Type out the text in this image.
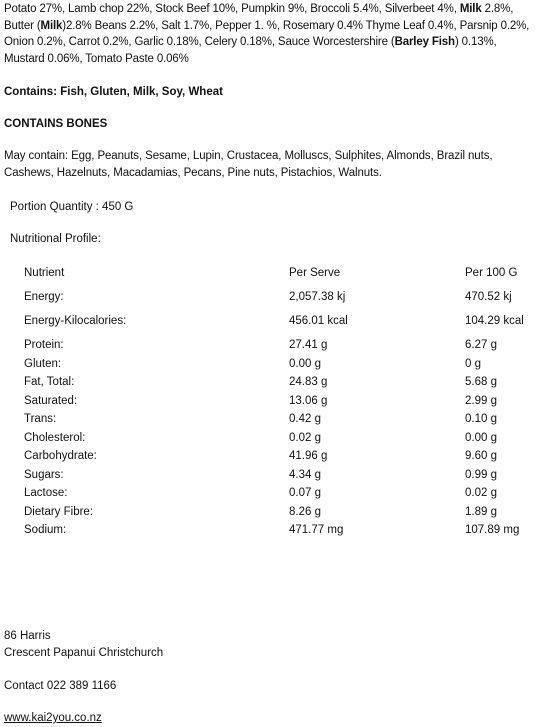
Potato 27%, Lamb chop 22%, Stock Beef 10%, Pumpkin 9%, Broccoli 5.4%, Silverbeet 4%, Milk 2.8%, Butter (Milk)2.8% Beans 2.2%, Salt 1.7%, Pepper 1. %, Rosemary 0.4% Thyme Leaf 0.4%, Parsnip 0.2%, Onion 0.2%, Carrot 0.2%, Garlic 0.18%, Celery 0.18%, Sauce Worcestershire (Barley Fish) 0.13%, Mustard 0.06%, Tomato Paste 0.06%

Contains: Fish, Gluten, Milk, Soy, Wheat

CONTAINS BONES

May contain: Egg, Peanuts, Sesame, Lupin, Crustacea, Molluscs, Sulphites, Almonds, Brazil nuts, Cashews, Hazelnuts, Macadamias, Pecans, Pine nuts, Pistachios, Walnuts.

Portion Quantity : 450 G

Nutritional Profile:

Nutrient	Per Serve	Per 100 G
Energy:	2,057.38 kj	470.52 kj
Energy-Kilocalories:	456.01 kcal	104.29 kcal
Protein:	27.41 g	6.27 g
Gluten:	0.00 g	0 g
Fat, Total:	24.83 g	5.68 g
Saturated:	13.06 g	2.99 g
Trans:	0.42 g	0.10 g
Cholesterol:	0.02 g	0.00 g
Carbohydrate:	41.96 g	9.60 g
Sugars:	4.34 g	0.99 g
Lactose:	0.07 g	0.02 g
Dietary Fibre:	8.26 g	1.89 g
Sodium:	471.77 mg	107.89 mg
86 Harris
Crescent Papanui Christchurch
Contact 022 389 1166
www.kai2you.co.nz
